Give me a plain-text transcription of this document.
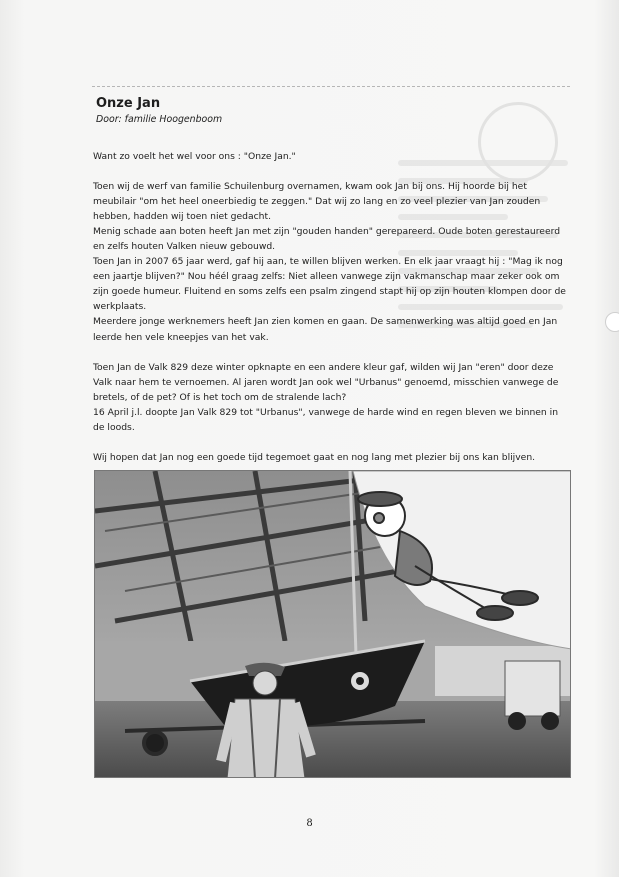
Onze Jan

Door: familie Hoogenboom

Want zo voelt het wel voor ons : "Onze Jan."

Toen wij de werf van familie Schuilenburg overnamen, kwam ook Jan bij ons. Hij hoorde bij het meubilair "om het heel oneerbiedig te zeggen." Dat wij zo lang en zo veel plezier van Jan zouden hebben, hadden wij toen niet gedacht.

Menig schade aan boten heeft Jan met zijn "gouden handen" gerepareerd. Oude boten gerestaureerd en zelfs houten Valken nieuw gebouwd.

Toen Jan in 2007 65 jaar werd, gaf hij aan, te willen blijven werken. En elk jaar vraagt hij : "Mag ik nog een jaartje blijven?" Nou héél graag zelfs: Niet alleen vanwege zijn vakmanschap maar zeker ook om zijn goede humeur. Fluitend en soms zelfs een psalm zingend stapt hij op zijn houten klompen door de werkplaats.

Meerdere jonge werknemers heeft Jan zien komen en gaan. De samenwerking was altijd goed en Jan leerde hen vele kneepjes van het vak.

Toen Jan de Valk 829 deze winter opknapte en een andere kleur gaf, wilden wij Jan "eren" door deze Valk naar hem te vernoemen. Al jaren wordt Jan ook wel "Urbanus" genoemd, misschien vanwege de bretels, of de pet? Of is het toch om de stralende lach?

16 April j.l. doopte Jan Valk 829 tot "Urbanus", vanwege de harde wind en regen bleven we binnen in de loods.

Wij hopen dat Jan nog een goede tijd tegemoet gaat en nog lang met plezier bij ons kan blijven.

8
